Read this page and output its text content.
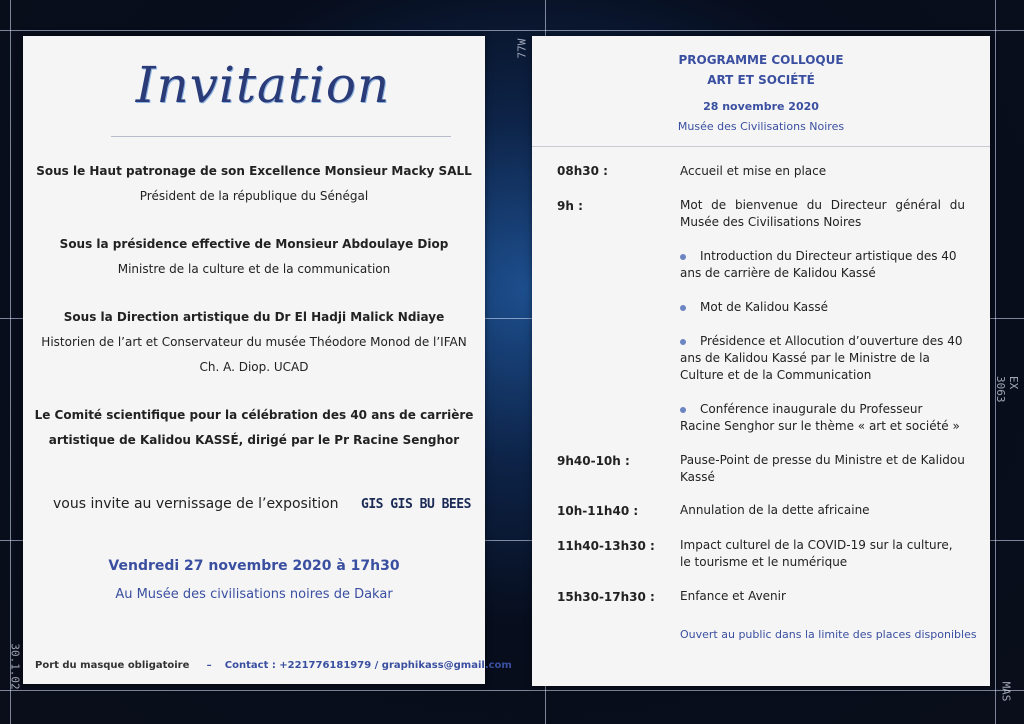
77W
EX 3063
30.1.02
MAS
Invitation
Sous le Haut patronage de son Excellence Monsieur Macky SALL
Président de la république du Sénégal
Sous la présidence effective de Monsieur Abdoulaye Diop
Ministre de la culture et de la communication
Sous la Direction artistique du Dr El Hadji Malick Ndiaye
Historien de l’art et Conservateur du musée Théodore Monod de l’IFAN
Ch. A. Diop. UCAD
Le Comité scientifique pour la célébration des 40 ans de carrière
artistique de Kalidou KASSÉ, dirigé par le Pr Racine Senghor
vous invite au vernissage de l’exposition GIS GIS BU BEES
Vendredi 27 novembre 2020 à 17h30
Au Musée des civilisations noires de Dakar
Port du masque obligatoire – Contact : +221776181979 / graphikass@gmail.com
PROGRAMME COLLOQUE
ART ET SOCIÉTÉ
28 novembre 2020
Musée des Civilisations Noires
08h30 :	Accueil et mise en place
9h :	Mot de bienvenue du Directeur général du Musée des Civilisations Noires
Introduction du Directeur artistique des 40 ans de carrière de Kalidou Kassé
Mot de Kalidou Kassé
Présidence et Allocution d’ouverture des 40 ans de Kalidou Kassé par le Ministre de la Culture et de la Communication
Conférence inaugurale du Professeur Racine Senghor sur le thème « art et société »
9h40-10h :	Pause-Point de presse du Ministre et de Kalidou Kassé
10h-11h40 :	Annulation de la dette africaine
11h40-13h30 : Impact culturel de la COVID-19 sur la culture, le tourisme et le numérique
15h30-17h30 : Enfance et Avenir
Ouvert au public dans la limite des places disponibles
